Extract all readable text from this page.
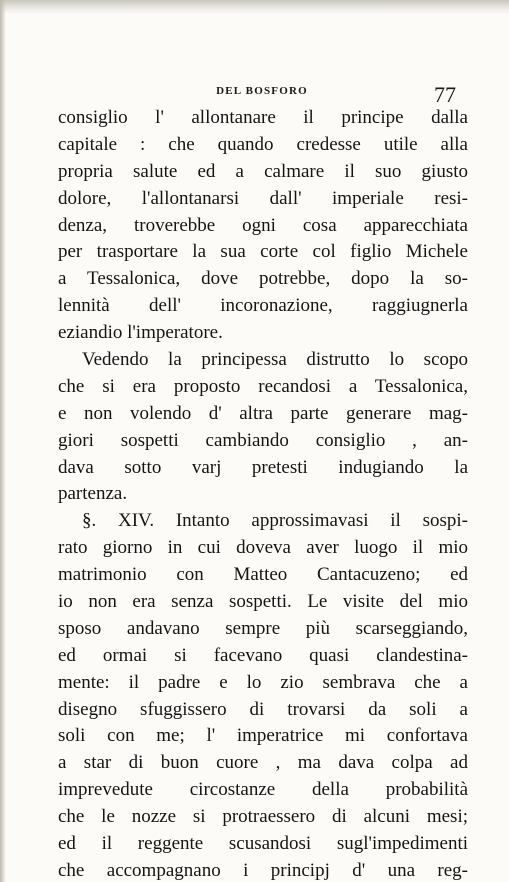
DEL BOSFORO	77
consiglio l' allontanare il principe dalla
capitale : che quando credesse utile alla
propria salute ed a calmare il suo giusto
dolore, l'allontanarsi dall' imperiale resi-
denza, troverebbe ogni cosa apparecchiata
per trasportare la sua corte col figlio Michele
a Tessalonica, dove potrebbe, dopo la so-
lennità dell' incoronazione, raggiugnerla
eziandio l'imperatore.
Vedendo la principessa distrutto lo scopo
che si era proposto recandosi a Tessalonica,
e non volendo d' altra parte generare mag-
giori sospetti cambiando consiglio , an-
dava sotto varj pretesti indugiando la
partenza.
§. XIV. Intanto approssimavasi il sospi-
rato giorno in cui doveva aver luogo il mio
matrimonio con Matteo Cantacuzeno; ed
io non era senza sospetti. Le visite del mio
sposo andavano sempre più scarseggiando,
ed ormai si facevano quasi clandestina-
mente: il padre e lo zio sembrava che a
disegno sfuggissero di trovarsi da soli a
soli con me; l' imperatrice mi confortava
a star di buon cuore , ma dava colpa ad
imprevedute circostanze della probabilità
che le nozze si protraessero di alcuni mesi;
ed il reggente scusandosi sugl'impedimenti
che accompagnano i principj d' una reg-
